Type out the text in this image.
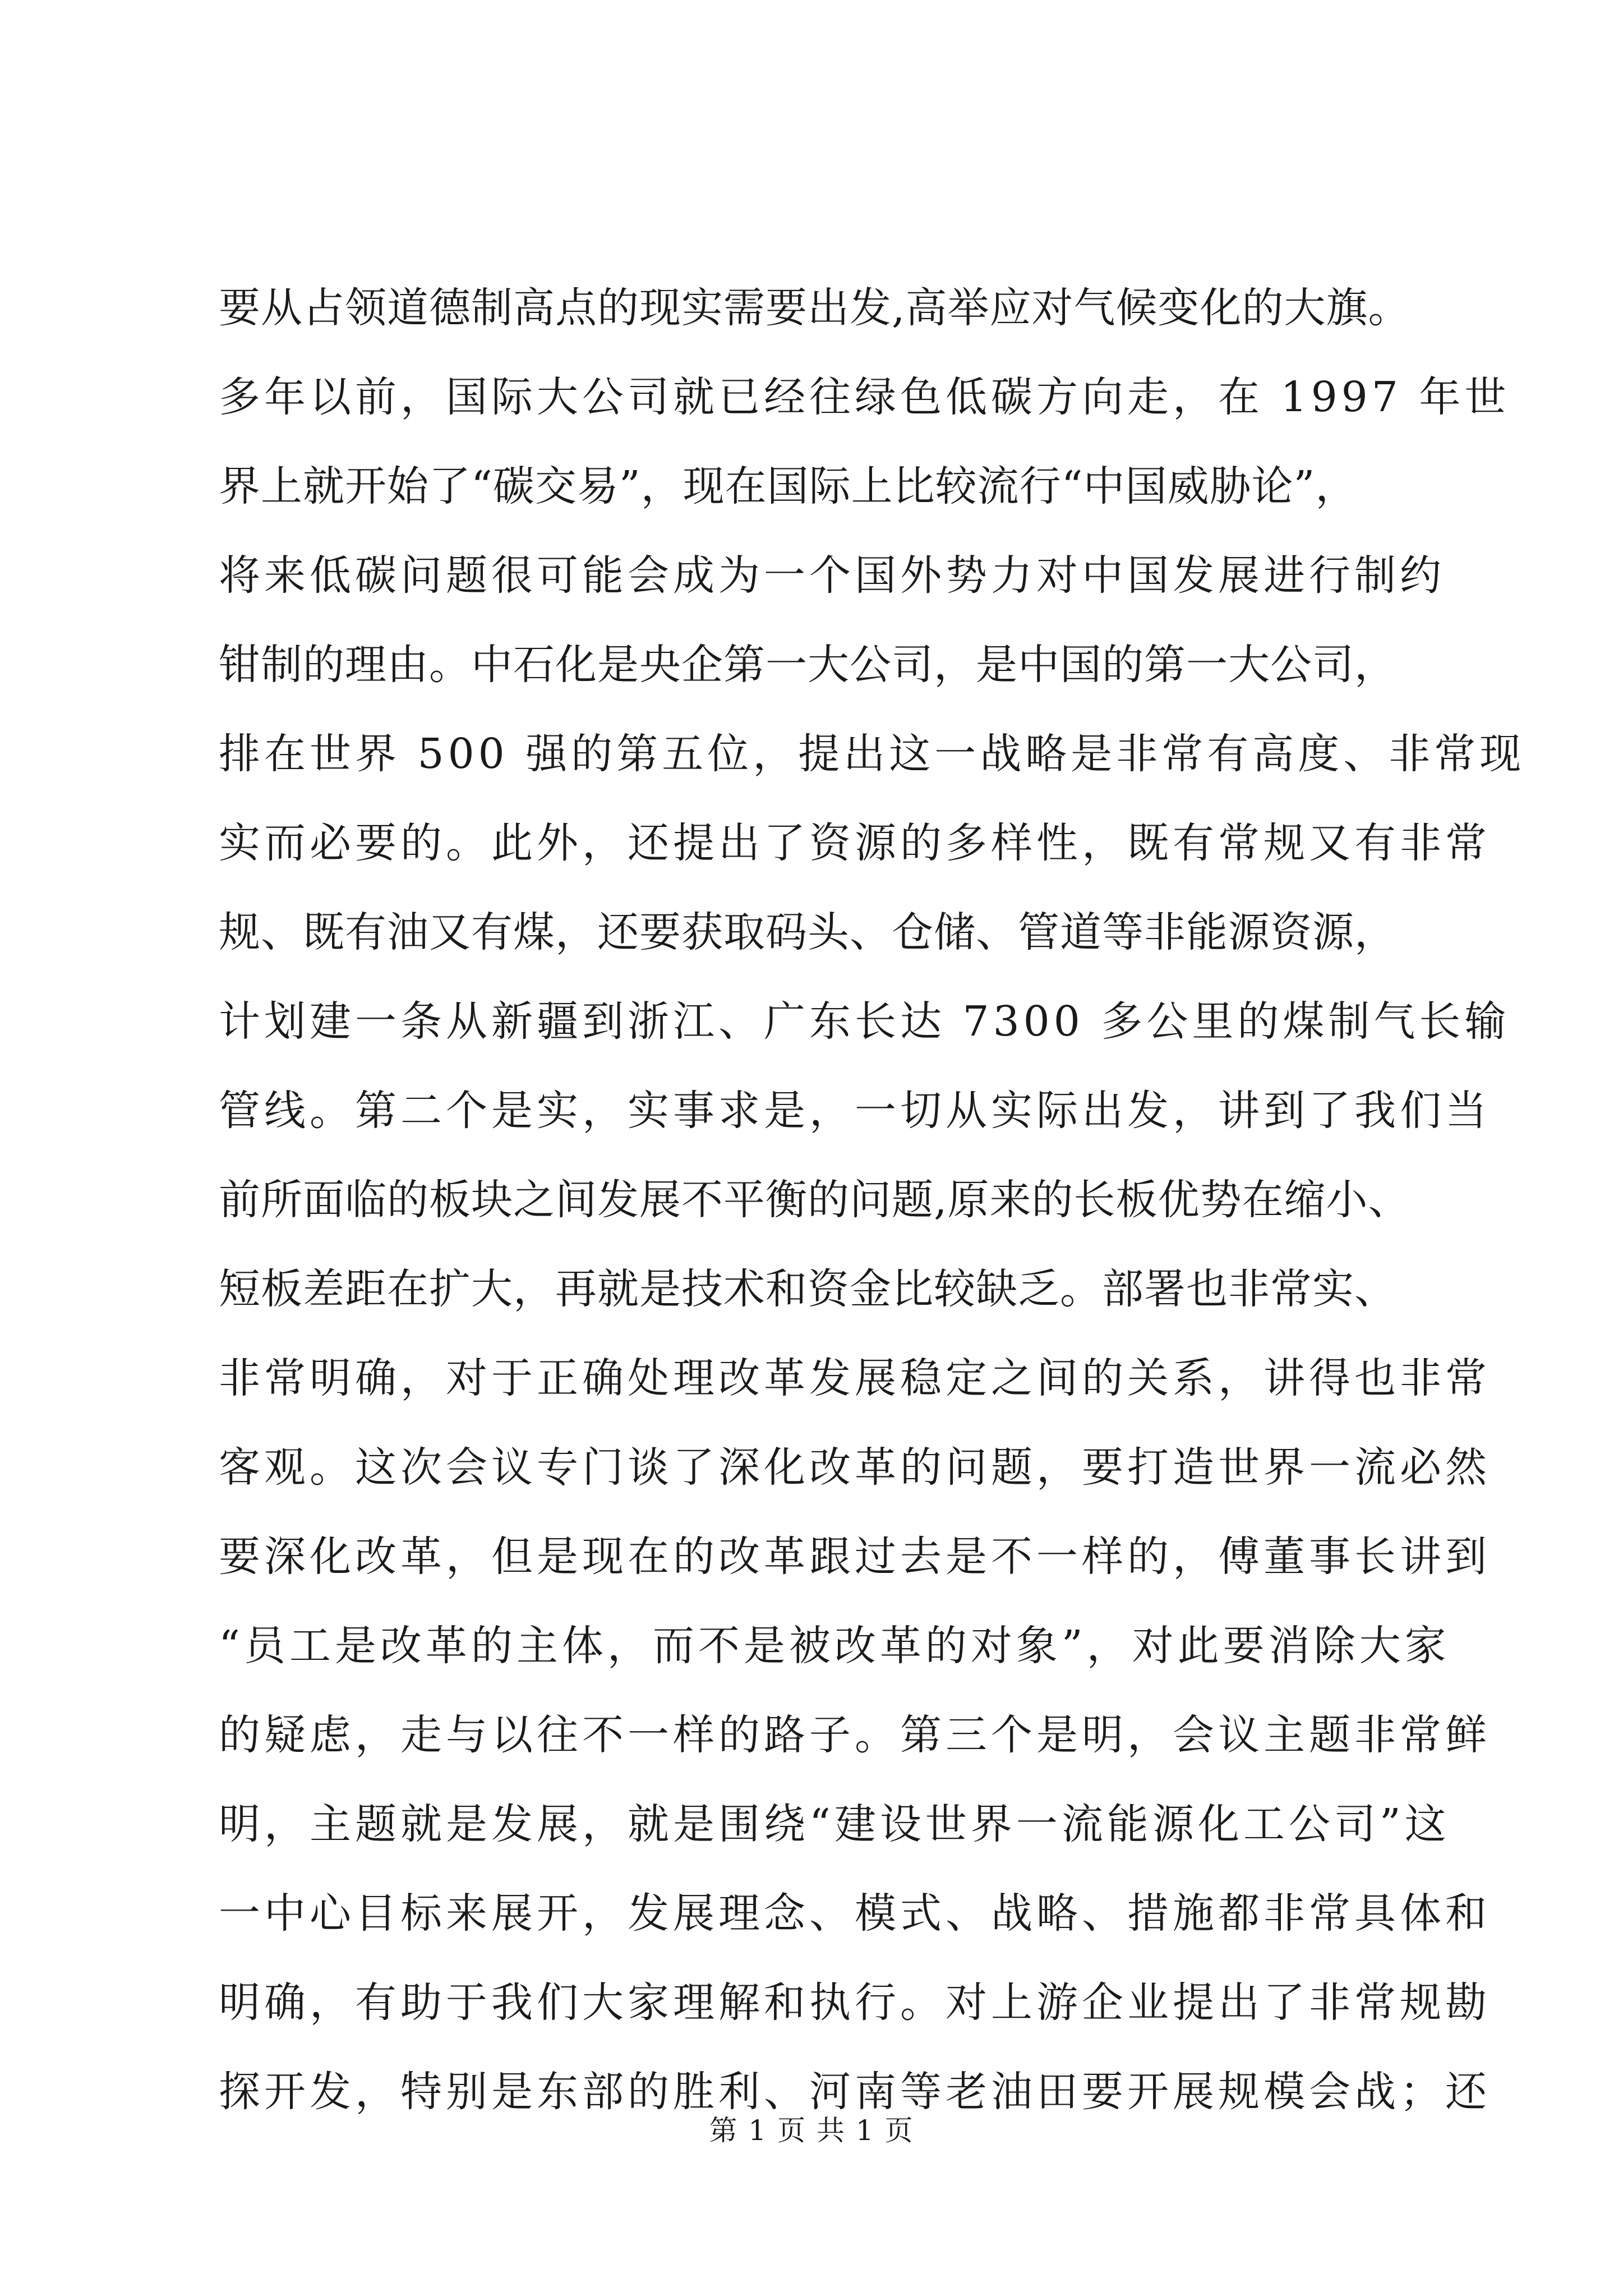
要从占领道德制高点的现实需要出发,高举应对气候变化的大旗。
多年以前，国际大公司就已经往绿色低碳方向走，在 1997 年世
界上就开始了“碳交易”，现在国际上比较流行“中国威胁论”，
将来低碳问题很可能会成为一个国外势力对中国发展进行制约
钳制的理由。中石化是央企第一大公司，是中国的第一大公司，
排在世界 500 强的第五位，提出这一战略是非常有高度、非常现
实而必要的。此外，还提出了资源的多样性，既有常规又有非常
规、既有油又有煤，还要获取码头、仓储、管道等非能源资源，
计划建一条从新疆到浙江、广东长达 7300 多公里的煤制气长输
管线。第二个是实，实事求是，一切从实际出发，讲到了我们当
前所面临的板块之间发展不平衡的问题,原来的长板优势在缩小、
短板差距在扩大，再就是技术和资金比较缺乏。部署也非常实、
非常明确，对于正确处理改革发展稳定之间的关系，讲得也非常
客观。这次会议专门谈了深化改革的问题，要打造世界一流必然
要深化改革，但是现在的改革跟过去是不一样的，傅董事长讲到
“员工是改革的主体，而不是被改革的对象”，对此要消除大家
的疑虑，走与以往不一样的路子。第三个是明，会议主题非常鲜
明，主题就是发展，就是围绕“建设世界一流能源化工公司”这
一中心目标来展开，发展理念、模式、战略、措施都非常具体和
明确，有助于我们大家理解和执行。对上游企业提出了非常规勘
探开发，特别是东部的胜利、河南等老油田要开展规模会战；还
第 1 页 共 1 页
